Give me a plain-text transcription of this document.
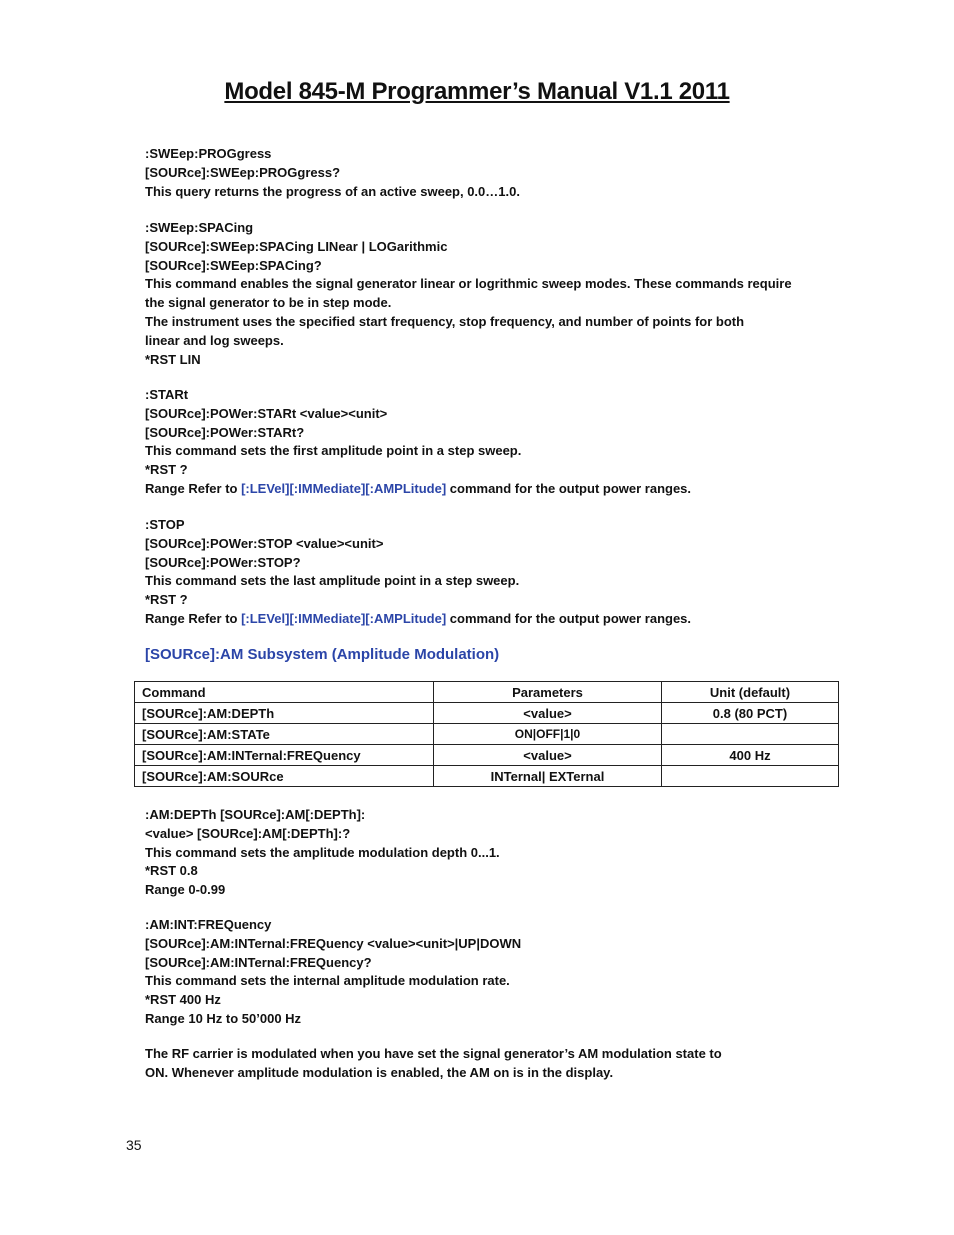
Model 845-M Programmer’s Manual V1.1 2011
:SWEep:PROGgress
[SOURce]:SWEep:PROGgress?
This query returns the progress of an active sweep, 0.0…1.0.
:SWEep:SPACing
[SOURce]:SWEep:SPACing LINear | LOGarithmic
[SOURce]:SWEep:SPACing?
This command enables the signal generator linear or logrithmic sweep modes. These commands require
the signal generator to be in step mode.
The instrument uses the specified start frequency, stop frequency, and number of points for both
linear and log sweeps.
*RST LIN
:STARt
[SOURce]:POWer:STARt <value><unit>
[SOURce]:POWer:STARt?
This command sets the first amplitude point in a step sweep.
*RST ?
Range Refer to [:LEVel][:IMMediate][:AMPLitude] command for the output power ranges.
:STOP
[SOURce]:POWer:STOP <value><unit>
[SOURce]:POWer:STOP?
This command sets the last amplitude point in a step sweep.
*RST ?
Range Refer to [:LEVel][:IMMediate][:AMPLitude] command for the output power ranges.
[SOURce]:AM Subsystem (Amplitude Modulation)
Command	Parameters	Unit (default)
[SOURce]:AM:DEPTh	<value>	0.8 (80 PCT)
[SOURce]:AM:STATe	ON|OFF|1|0	
[SOURce]:AM:INTernal:FREQuency	<value>	400 Hz
[SOURce]:AM:SOURce	INTernal| EXTernal	
:AM:DEPTh [SOURce]:AM[:DEPTh]:
<value> [SOURce]:AM[:DEPTh]:?
This command sets the amplitude modulation depth 0...1.
*RST 0.8
Range 0-0.99
:AM:INT:FREQuency
[SOURce]:AM:INTernal:FREQuency <value><unit>|UP|DOWN
[SOURce]:AM:INTernal:FREQuency?
This command sets the internal amplitude modulation rate.
*RST 400 Hz
Range 10 Hz to 50’000 Hz
The RF carrier is modulated when you have set the signal generator’s AM modulation state to
ON. Whenever amplitude modulation is enabled, the AM on is in the display.
35
